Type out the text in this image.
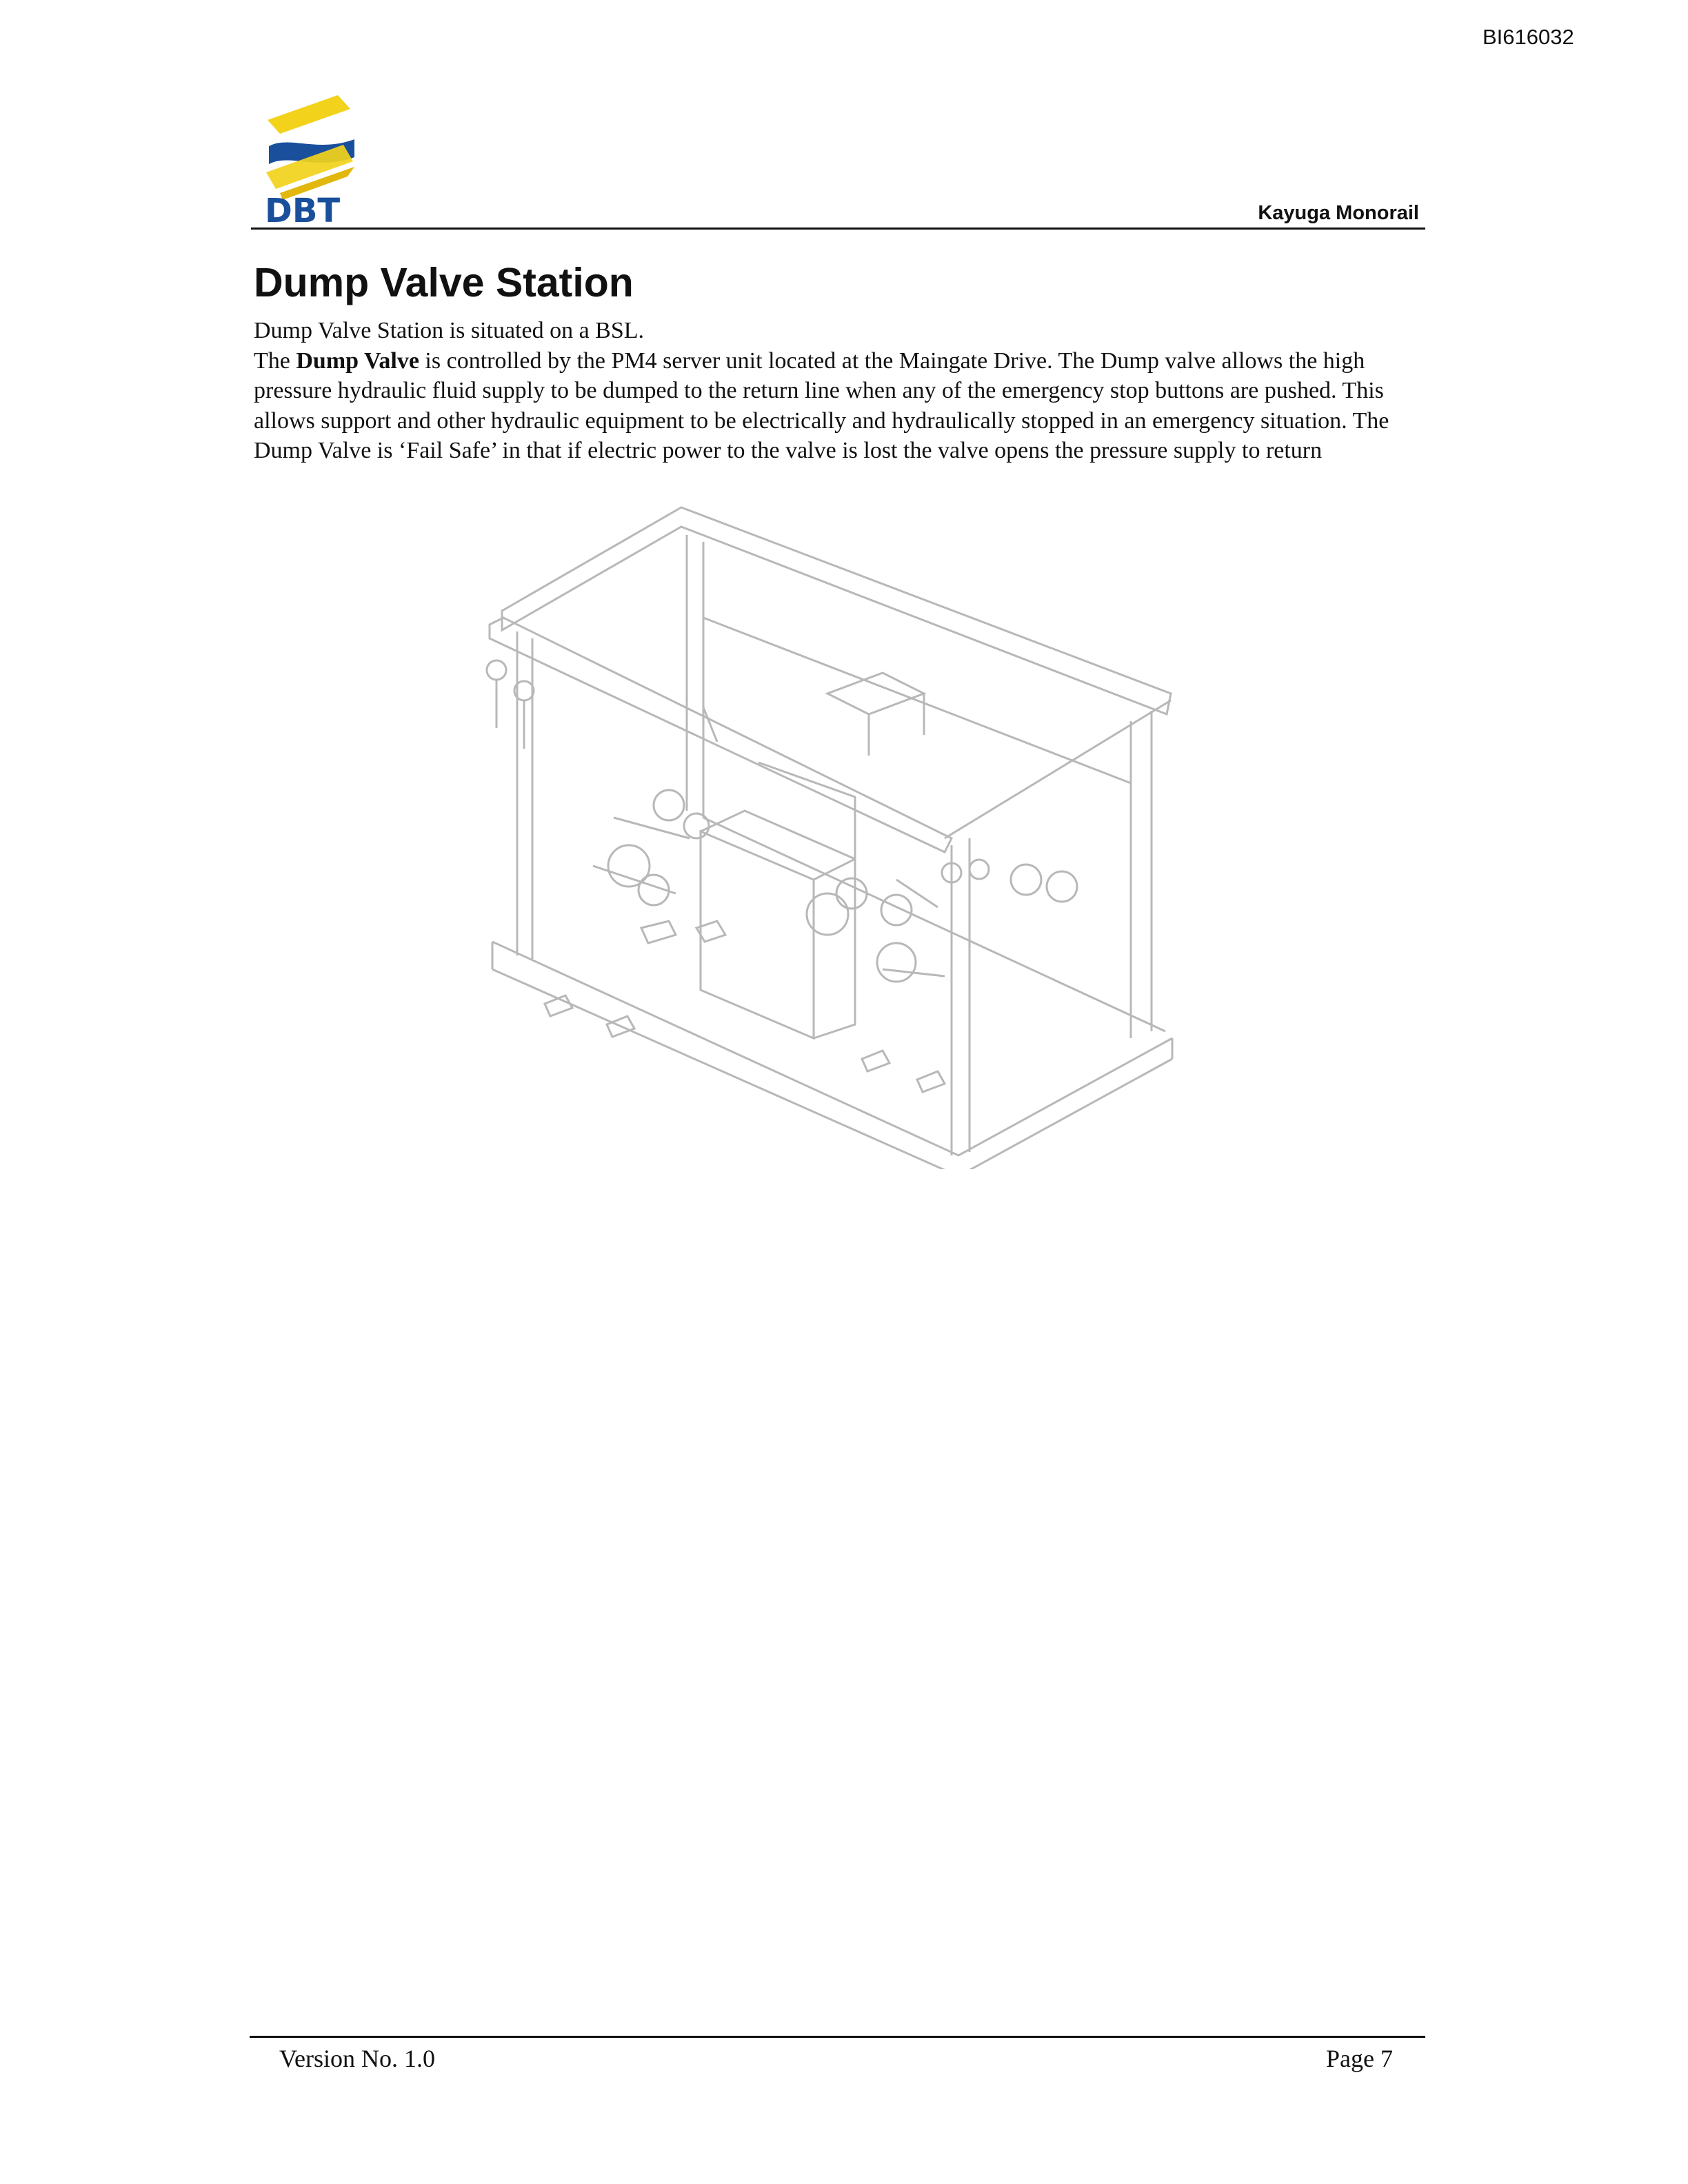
BI616032
DBT	Kayuga Monorail
Dump Valve Station

Dump Valve Station is situated on a BSL.

The Dump Valve is controlled by the PM4 server unit located at the Maingate Drive. The Dump valve allows the high pressure hydraulic fluid supply to be dumped to the return line when any of the emergency stop buttons are pushed. This allows support and other hydraulic equipment to be electrically and hydraulically stopped in an emergency situation. The Dump Valve is ‘Fail Safe’ in that if electric power to the valve is lost the valve opens the pressure supply to return

Version No. 1.0	Page 7
